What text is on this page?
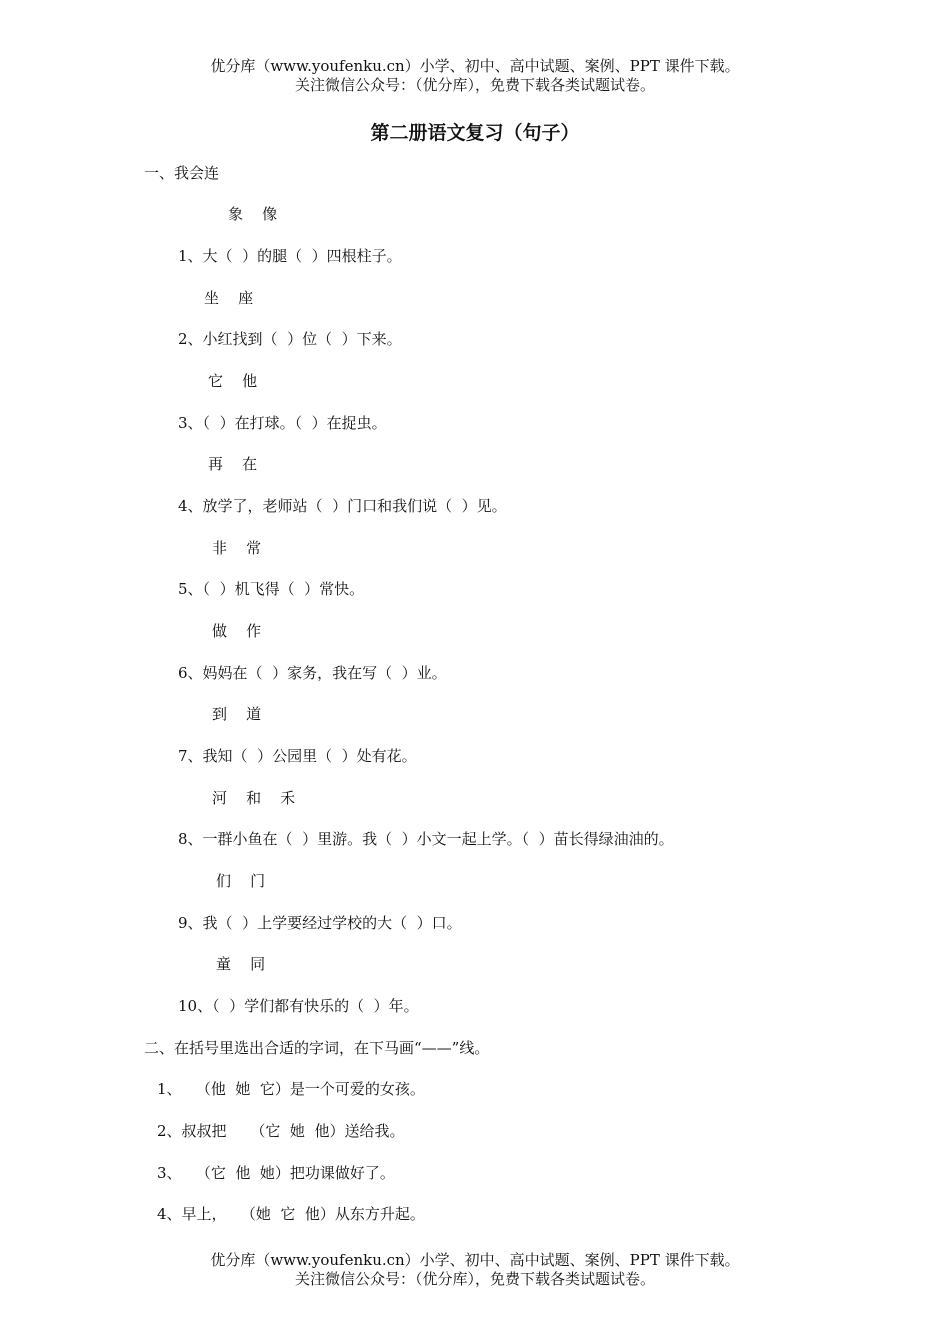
优分库（www.youfenku.cn）小学、初中、高中试题、案例、PPT 课件下载。
关注微信公众号：（优分库），免费下载各类试题试卷。
第二册语文复习（句子）
一、我会连
象    像
1、大（  ）的腿（  ）四根柱子。
坐    座
2、小红找到（  ）位（  ）下来。
它    他
3、（  ）在打球。（  ）在捉虫。
再    在
4、放学了，老师站（  ）门口和我们说（  ）见。
非    常
5、（  ）机飞得（  ）常快。
做    作
6、妈妈在（  ）家务，我在写（  ）业。
到    道
7、我知（  ）公园里（  ）处有花。
河    和    禾
8、一群小鱼在（  ）里游。我（  ）小文一起上学。（  ）苗长得绿油油的。
们    门
9、我（  ）上学要经过学校的大（  ）口。
童    同
10、（  ）学们都有快乐的（  ）年。
二、在括号里选出合适的字词，在下马画“——”线。
1、   （他  她  它）是一个可爱的女孩。
2、叔叔把     （它  她  他）送给我。
3、   （它  他  她）把功课做好了。
4、早上，   （她  它  他）从东方升起。
优分库（www.youfenku.cn）小学、初中、高中试题、案例、PPT 课件下载。
关注微信公众号：（优分库），免费下载各类试题试卷。
